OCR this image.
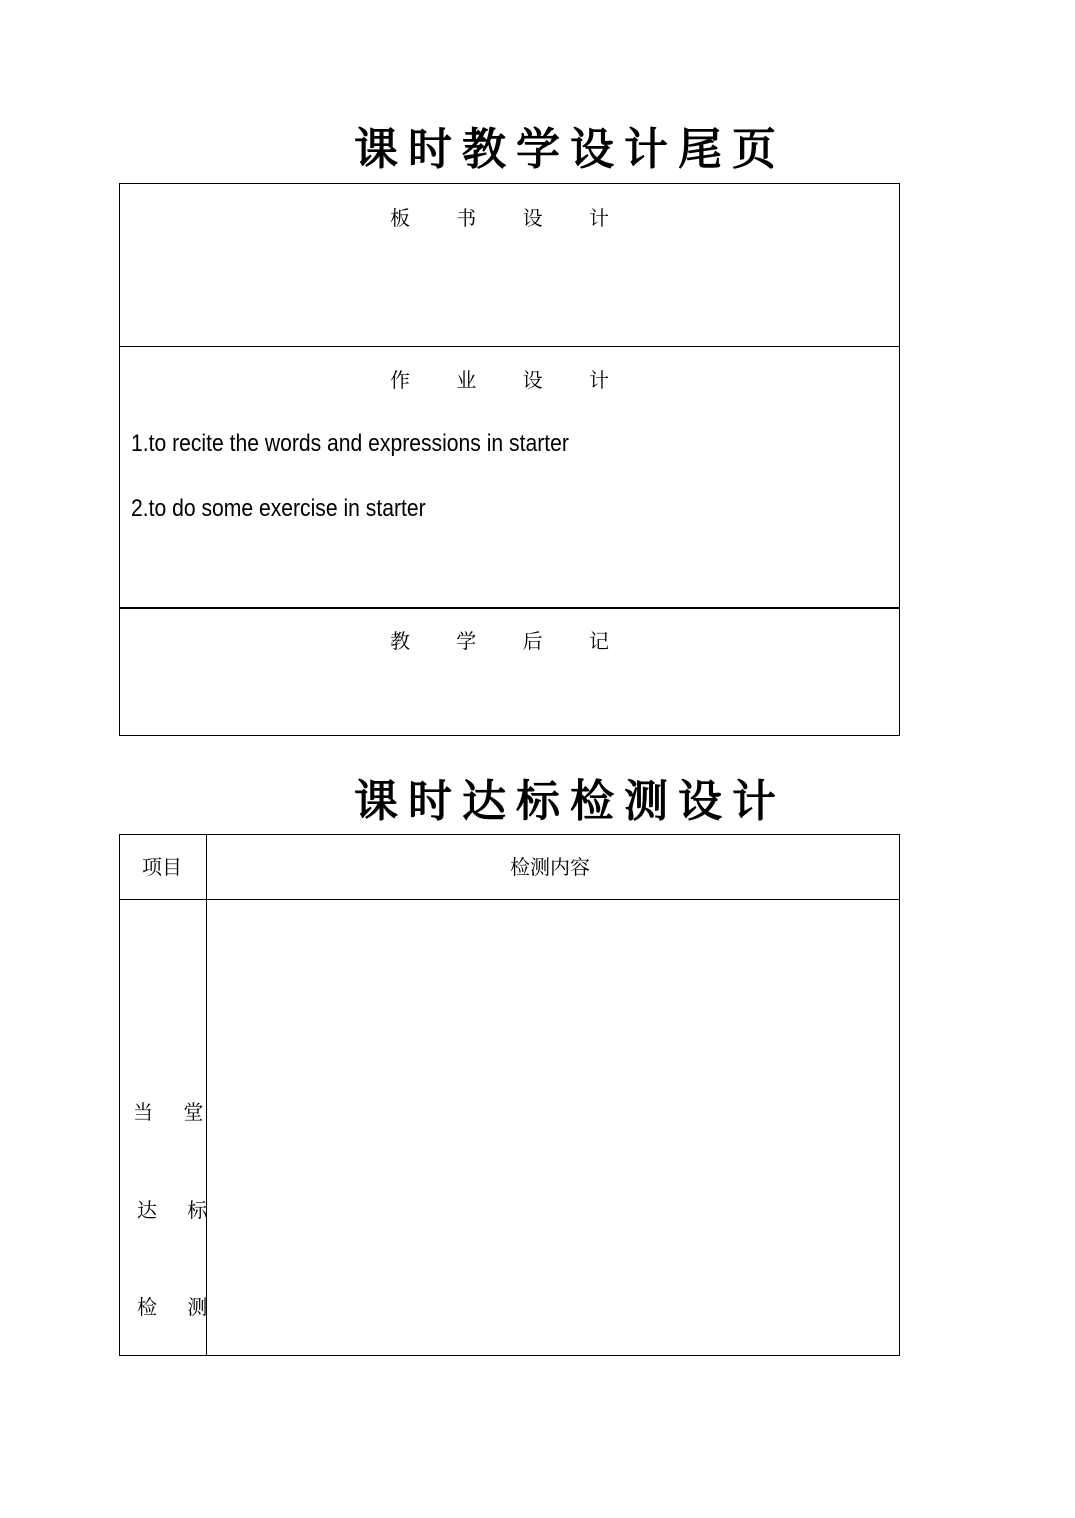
课时教学设计尾页
板 书 设 计
作 业 设 计
1.to recite the words and expressions in starter
2.to do some exercise in starter
教 学 后 记
课时达标检测设计
项目	检测内容
当 堂
达 标
检 测
